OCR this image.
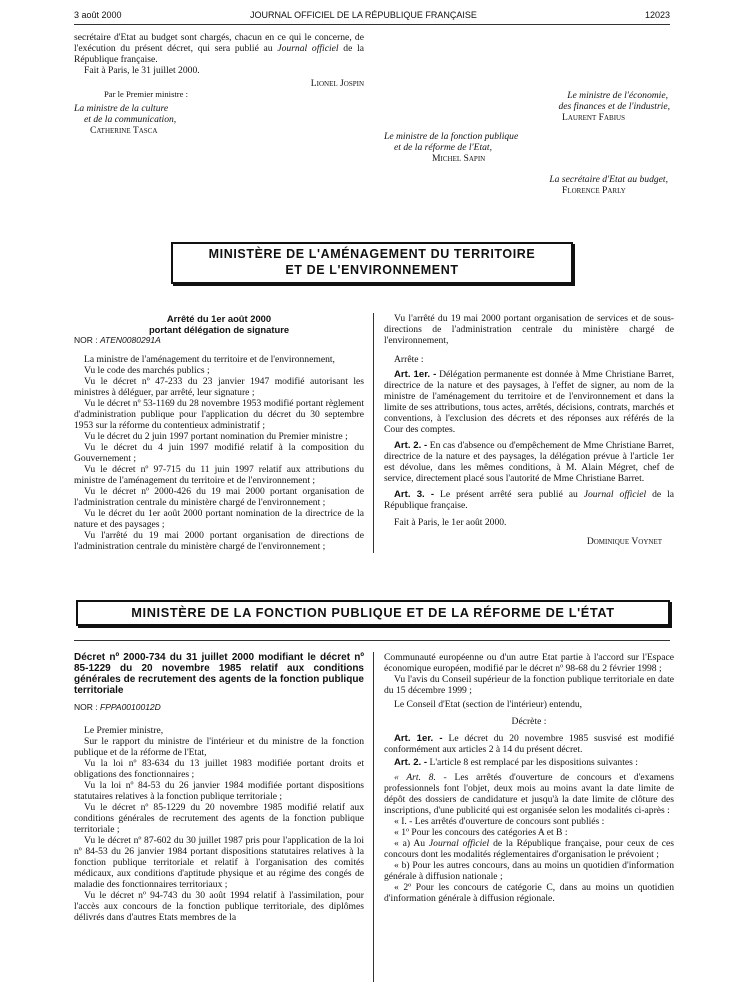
3 août 2000	JOURNAL OFFICIEL DE LA RÉPUBLIQUE FRANÇAISE	12023

secrétaire d'Etat au budget sont chargés, chacun en ce qui le concerne, de l'exécution du présent décret, qui sera publié au Journal officiel de la République française.

Fait à Paris, le 31 juillet 2000.

Lionel Jospin

Par le Premier ministre :

La ministre de la culture

et de la communication,

Catherine Tasca

Le ministre de l'économie,

des finances et de l'industrie,

Laurent Fabius

Le ministre de la fonction publique

et de la réforme de l'Etat,

Michel Sapin

La secrétaire d'Etat au budget,

Florence Parly

MINISTÈRE DE L'AMÉNAGEMENT DU TERRITOIRE
ET DE L'ENVIRONNEMENT

Arrêté du 1er août 2000

portant délégation de signature

NOR : ATEN0080291A

La ministre de l'aménagement du territoire et de l'environnement,

Vu le code des marchés publics ;

Vu le décret nº 47-233 du 23 janvier 1947 modifié autorisant les ministres à déléguer, par arrêté, leur signature ;

Vu le décret nº 53-1169 du 28 novembre 1953 modifié portant règlement d'administration publique pour l'application du décret du 30 septembre 1953 sur la réforme du contentieux administratif ;

Vu le décret du 2 juin 1997 portant nomination du Premier ministre ;

Vu le décret du 4 juin 1997 modifié relatif à la composition du Gouvernement ;

Vu le décret nº 97-715 du 11 juin 1997 relatif aux attributions du ministre de l'aménagement du territoire et de l'environnement ;

Vu le décret nº 2000-426 du 19 mai 2000 portant organisation de l'administration centrale du ministère chargé de l'environnement ;

Vu le décret du 1er août 2000 portant nomination de la directrice de la nature et des paysages ;

Vu l'arrêté du 19 mai 2000 portant organisation de directions de l'administration centrale du ministère chargé de l'environnement ;

Vu l'arrêté du 19 mai 2000 portant organisation de services et de sous-directions de l'administration centrale du ministère chargé de l'environnement,

Arrête :

Art. 1er. - Délégation permanente est donnée à Mme Christiane Barret, directrice de la nature et des paysages, à l'effet de signer, au nom de la ministre de l'aménagement du territoire et de l'environnement et dans la limite de ses attributions, tous actes, arrêtés, décisions, contrats, marchés et conventions, à l'exclusion des décrets et des réponses aux référés de la Cour des comptes.

Art. 2. - En cas d'absence ou d'empêchement de Mme Christiane Barret, directrice de la nature et des paysages, la délégation prévue à l'article 1er est dévolue, dans les mêmes conditions, à M. Alain Mégret, chef de service, directement placé sous l'autorité de Mme Christiane Barret.

Art. 3. - Le présent arrêté sera publié au Journal officiel de la République française.

Fait à Paris, le 1er août 2000.

Dominique Voynet

MINISTÈRE DE LA FONCTION PUBLIQUE ET DE LA RÉFORME DE L'ÉTAT

Décret nº 2000-734 du 31 juillet 2000 modifiant le décret nº 85-1229 du 20 novembre 1985 relatif aux conditions générales de recrutement des agents de la fonction publique territoriale

NOR : FPPA0010012D

Le Premier ministre,

Sur le rapport du ministre de l'intérieur et du ministre de la fonction publique et de la réforme de l'Etat,

Vu la loi nº 83-634 du 13 juillet 1983 modifiée portant droits et obligations des fonctionnaires ;

Vu la loi nº 84-53 du 26 janvier 1984 modifiée portant dispositions statutaires relatives à la fonction publique territoriale ;

Vu le décret nº 85-1229 du 20 novembre 1985 modifié relatif aux conditions générales de recrutement des agents de la fonction publique territoriale ;

Vu le décret nº 87-602 du 30 juillet 1987 pris pour l'application de la loi nº 84-53 du 26 janvier 1984 portant dispositions statutaires relatives à la fonction publique territoriale et relatif à l'organisation des comités médicaux, aux conditions d'aptitude physique et au régime des congés de maladie des fonctionnaires territoriaux ;

Vu le décret nº 94-743 du 30 août 1994 relatif à l'assimilation, pour l'accès aux concours de la fonction publique territoriale, des diplômes délivrés dans d'autres Etats membres de la

Communauté européenne ou d'un autre Etat partie à l'accord sur l'Espace économique européen, modifié par le décret nº 98-68 du 2 février 1998 ;

Vu l'avis du Conseil supérieur de la fonction publique territoriale en date du 15 décembre 1999 ;

Le Conseil d'Etat (section de l'intérieur) entendu,

Décrète :

Art. 1er. - Le décret du 20 novembre 1985 susvisé est modifié conformément aux articles 2 à 14 du présent décret.

Art. 2. - L'article 8 est remplacé par les dispositions suivantes :

« Art. 8. - Les arrêtés d'ouverture de concours et d'examens professionnels font l'objet, deux mois au moins avant la date limite de dépôt des dossiers de candidature et jusqu'à la date limite de clôture des inscriptions, d'une publicité qui est organisée selon les modalités ci-après :

« I. - Les arrêtés d'ouverture de concours sont publiés :

« 1º Pour les concours des catégories A et B :

« a) Au Journal officiel de la République française, pour ceux de ces concours dont les modalités réglementaires d'organisation le prévoient ;

« b) Pour les autres concours, dans au moins un quotidien d'information générale à diffusion nationale ;

« 2º Pour les concours de catégorie C, dans au moins un quotidien d'information générale à diffusion régionale.
